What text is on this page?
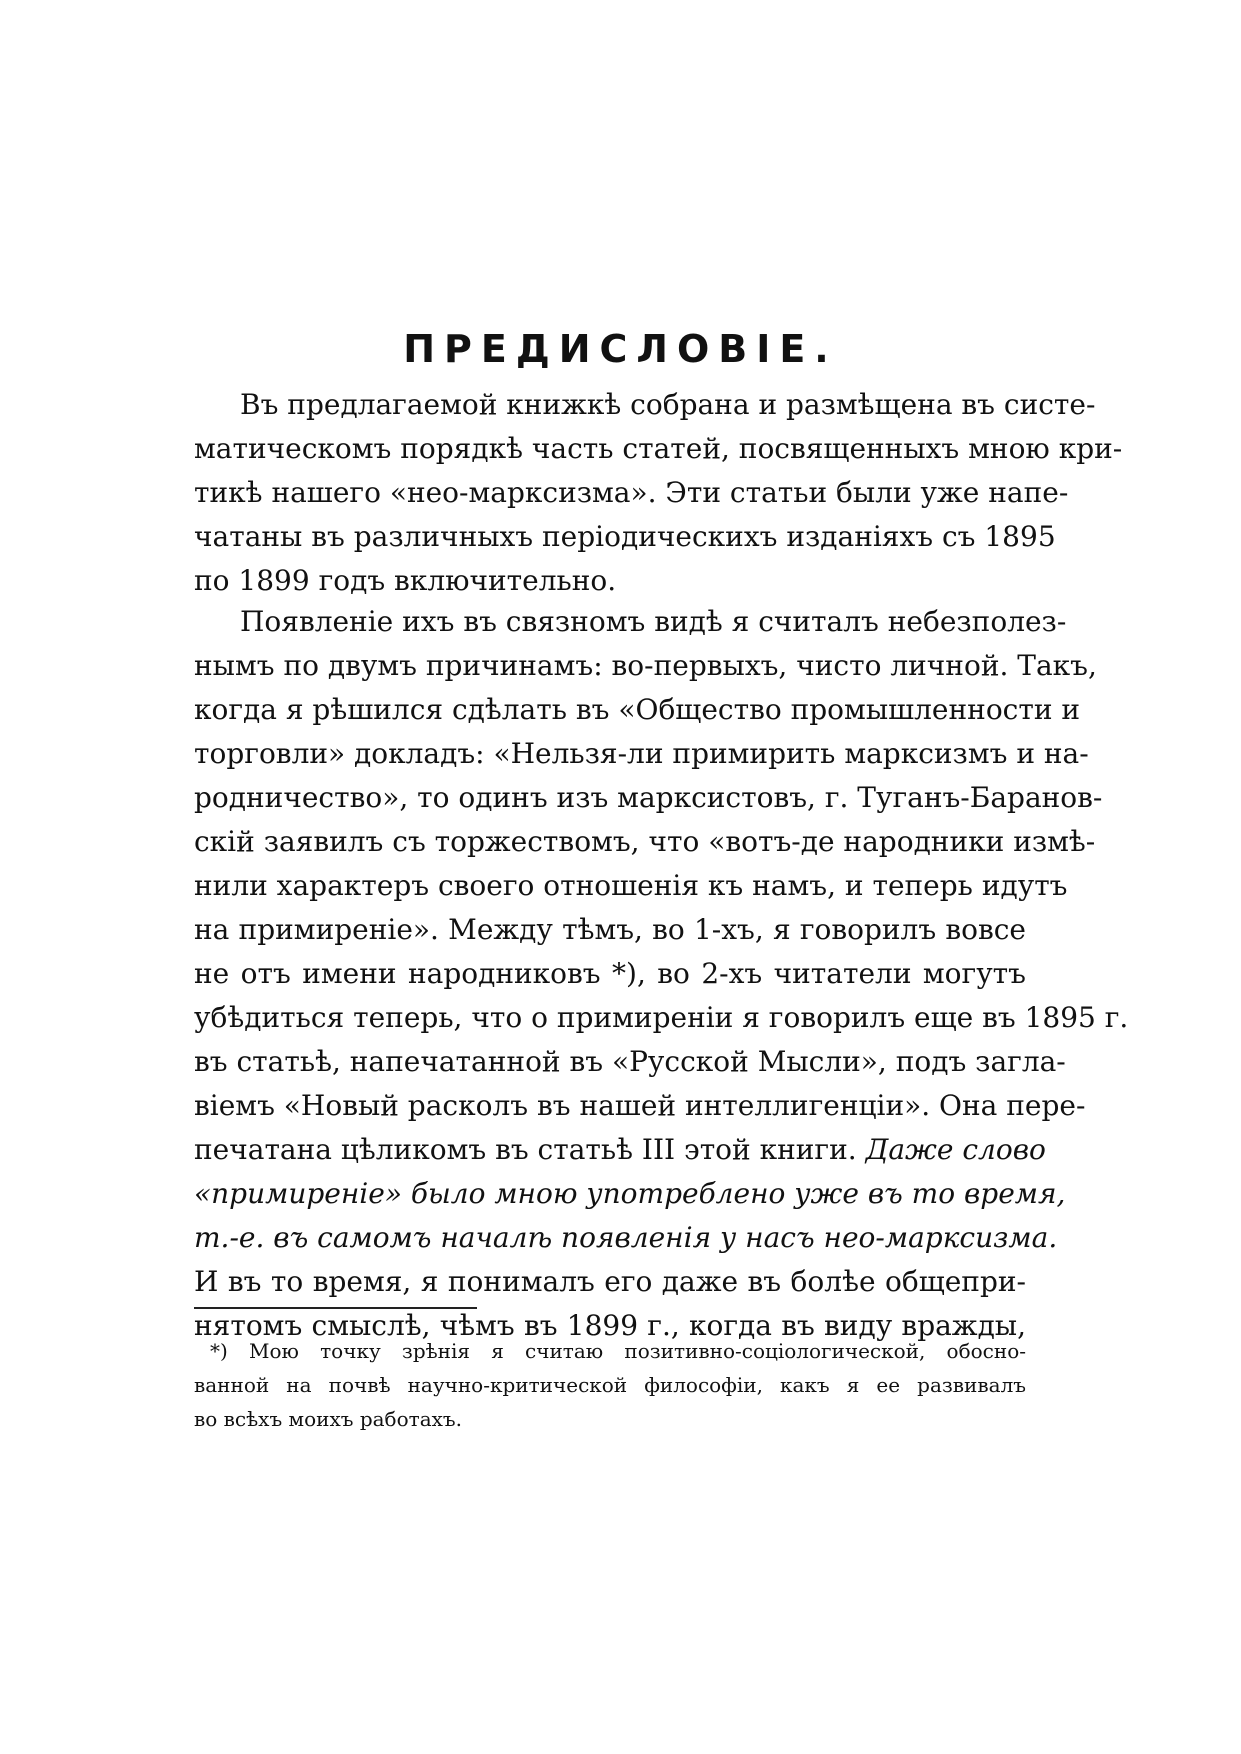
ПРЕДИСЛОВІЕ.
Въ предлагаемой книжкѣ собрана и размѣщена въ систе-
матическомъ порядкѣ часть статей, посвященныхъ мною кри-
тикѣ нашего «нео-марксизма». Эти статьи были уже напе-
чатаны въ различныхъ періодическихъ изданіяхъ съ 1895
по 1899 годъ включительно.
Появленіе ихъ въ связномъ видѣ я считалъ небезполез-
нымъ по двумъ причинамъ: во-первыхъ, чисто личной. Такъ,
когда я рѣшился сдѣлать въ «Общество промышленности и
торговли» докладъ: «Нельзя-ли примирить марксизмъ и на-
родничество», то одинъ изъ марксистовъ, г. Туганъ-Баранов-
скій заявилъ съ торжествомъ, что «вотъ-де народники измѣ-
нили характеръ своего отношенія къ намъ, и теперь идутъ
на примиреніе». Между тѣмъ, во 1-хъ, я говорилъ вовсе
не отъ имени народниковъ *), во 2-хъ читатели могутъ
убѣдиться теперь, что о примиреніи я говорилъ еще въ 1895 г.
въ статьѣ, напечатанной въ «Русской Мысли», подъ загла-
віемъ «Новый расколъ въ нашей интеллигенціи». Она пере-
печатана цѣликомъ въ статьѣ III этой книги. Даже слово
«примиреніе» было мною употреблено уже въ то время,
т.-е. въ самомъ началѣ появленія у насъ нео-марксизма.
И въ то время, я понималъ его даже въ болѣе общепри-
нятомъ смыслѣ, чѣмъ въ 1899 г., когда въ виду вражды,
*) Мою точку зрѣнія я считаю позитивно-соціологической, обосно-
ванной на почвѣ научно-критической философіи, какъ я ее развивалъ
во всѣхъ моихъ работахъ.
